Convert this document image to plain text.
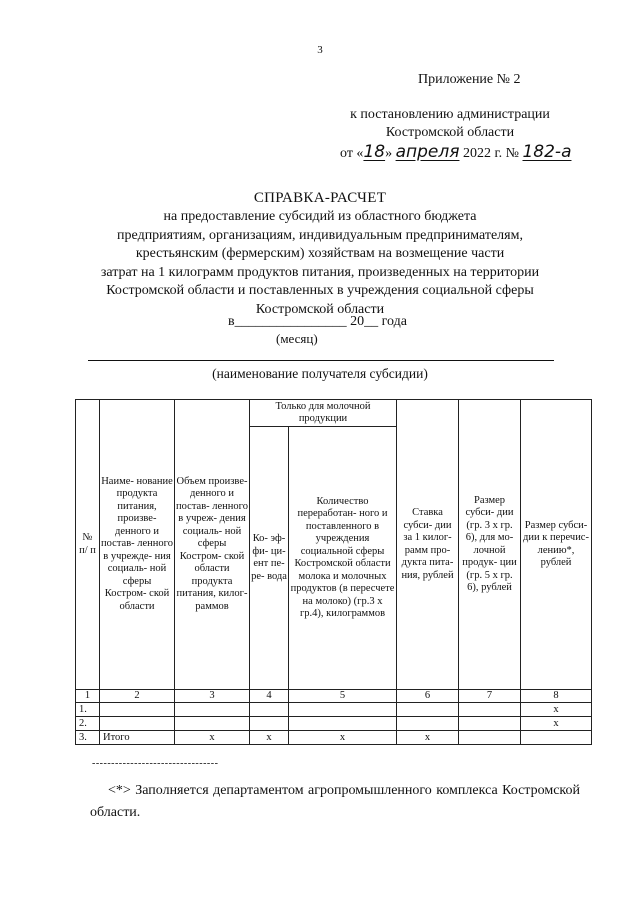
3
Приложение № 2
к постановлению администрации
Костромской области
от «18» апреля 2022 г. № 182-а
СПРАВКА-РАСЧЕТ
на предоставление субсидий из областного бюджета
предприятиям, организациям, индивидуальным предпринимателям,
крестьянским (фермерским) хозяйствам на возмещение части
затрат на 1 килограмм продуктов питания, произведенных на территории
Костромской области и поставленных в учреждения социальной сферы
Костромской области
в________________ 20__ года
(месяц)
(наименование получателя субсидии)
№ п/ п	Наиме- нование продукта питания, произве- денного и постав- ленного в учрежде- ния социаль- ной сферы Костром- ской области	Объем произве- денного и постав- ленного в учреж- дения социаль- ной сферы Костром- ской области продукта питания, килог- раммов	Только для молочной продукции		Ставка субси- дии за 1 килог- рамм про- дукта пита- ния, рублей	Размер субси- дии (гр. 3 х гр. 6), для мо- лочной продук- ции (гр. 5 х гр. 6), рублей	Размер субси- дии к перечис- лению*, рублей
			Ко- эф- фи- ци- ент пе- ре- вода	Количество переработан- ного и поставленного в учреждения социальной сферы Костромской области молока и молочных продуктов (в пересчете на молоко) (гр.3 х гр.4), килограммов			
1	2	3	4	5	6	7	8
1.							x
2.							x
3.	Итого	x	x	x	x		
---------------------------------
<*> Заполняется департаментом агропромышленного комплекса Костромской области.
